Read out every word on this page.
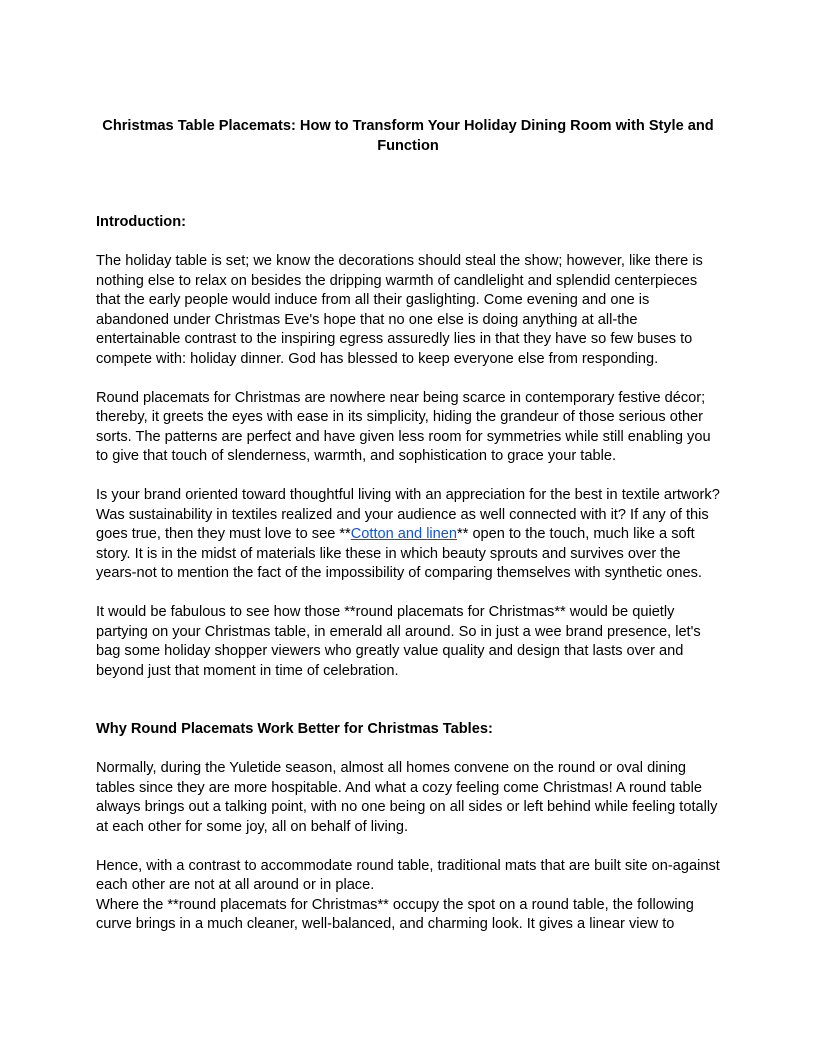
Christmas Table Placemats: How to Transform Your Holiday Dining Room with Style and Function

Introduction:

The holiday table is set; we know the decorations should steal the show; however, like there is nothing else to relax on besides the dripping warmth of candlelight and splendid centerpieces that the early people would induce from all their gaslighting. Come evening and one is abandoned under Christmas Eve's hope that no one else is doing anything at all-the entertainable contrast to the inspiring egress assuredly lies in that they have so few buses to compete with: holiday dinner. God has blessed to keep everyone else from responding.

Round placemats for Christmas are nowhere near being scarce in contemporary festive décor; thereby, it greets the eyes with ease in its simplicity, hiding the grandeur of those serious other sorts. The patterns are perfect and have given less room for symmetries while still enabling you to give that touch of slenderness, warmth, and sophistication to grace your table.

Is your brand oriented toward thoughtful living with an appreciation for the best in textile artwork? Was sustainability in textiles realized and your audience as well connected with it? If any of this goes true, then they must love to see **Cotton and linen** open to the touch, much like a soft story. It is in the midst of materials like these in which beauty sprouts and survives over the years-not to mention the fact of the impossibility of comparing themselves with synthetic ones.

It would be fabulous to see how those **round placemats for Christmas** would be quietly partying on your Christmas table, in emerald all around. So in just a wee brand presence, let's bag some holiday shopper viewers who greatly value quality and design that lasts over and beyond just that moment in time of celebration.

Why Round Placemats Work Better for Christmas Tables:

Normally, during the Yuletide season, almost all homes convene on the round or oval dining tables since they are more hospitable. And what a cozy feeling come Christmas! A round table always brings out a talking point, with no one being on all sides or left behind while feeling totally at each other for some joy, all on behalf of living.

Hence, with a contrast to accommodate round table, traditional mats that are built site on-against each other are not at all around or in place.

Where the **round placemats for Christmas** occupy the spot on a round table, the following curve brings in a much cleaner, well-balanced, and charming look. It gives a linear view to
